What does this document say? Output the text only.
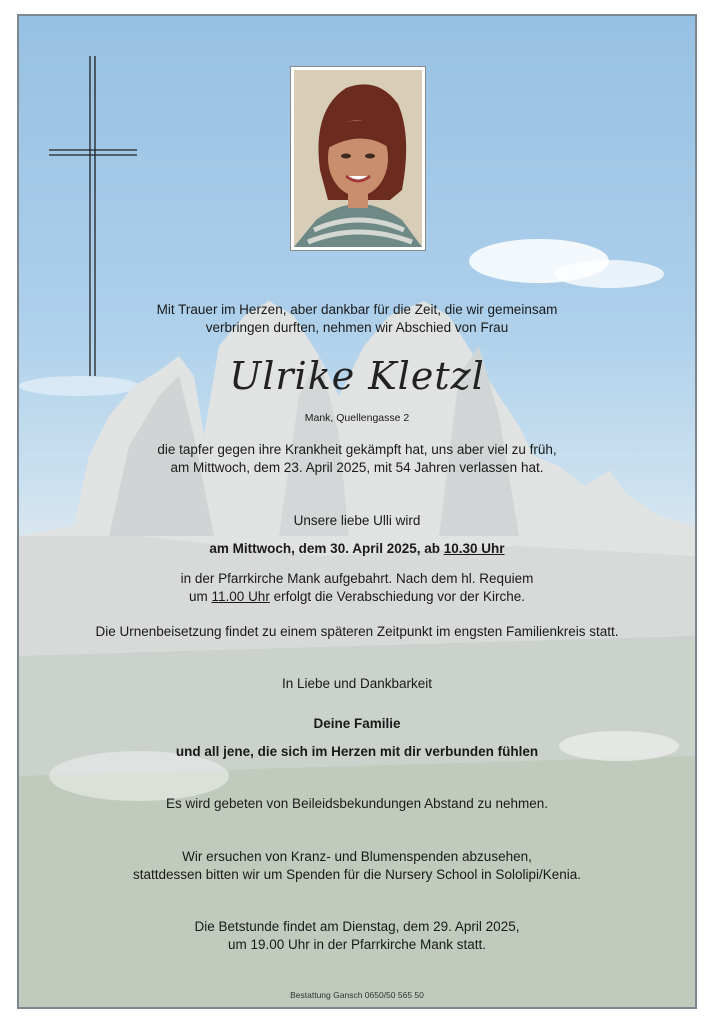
Mit Trauer im Herzen, aber dankbar für die Zeit, die wir gemeinsam
verbringen durften, nehmen wir Abschied von Frau
Ulrike Kletzl
Mank, Quellengasse 2
die tapfer gegen ihre Krankheit gekämpft hat, uns aber viel zu früh,
am Mittwoch, dem 23. April 2025, mit 54 Jahren verlassen hat.
Unsere liebe Ulli wird
am Mittwoch, dem 30. April 2025, ab 10.30 Uhr
in der Pfarrkirche Mank aufgebahrt. Nach dem hl. Requiem
um 11.00 Uhr erfolgt die Verabschiedung vor der Kirche.
Die Urnenbeisetzung findet zu einem späteren Zeitpunkt im engsten Familienkreis statt.
In Liebe und Dankbarkeit
Deine Familie
und all jene, die sich im Herzen mit dir verbunden fühlen
Es wird gebeten von Beileidsbekundungen Abstand zu nehmen.
Wir ersuchen von Kranz- und Blumenspenden abzusehen,
stattdessen bitten wir um Spenden für die Nursery School in Sololipi/Kenia.
Die Betstunde findet am Dienstag, dem 29. April 2025,
um 19.00 Uhr in der Pfarrkirche Mank statt.
Bestattung Gansch 0650/50 565 50
